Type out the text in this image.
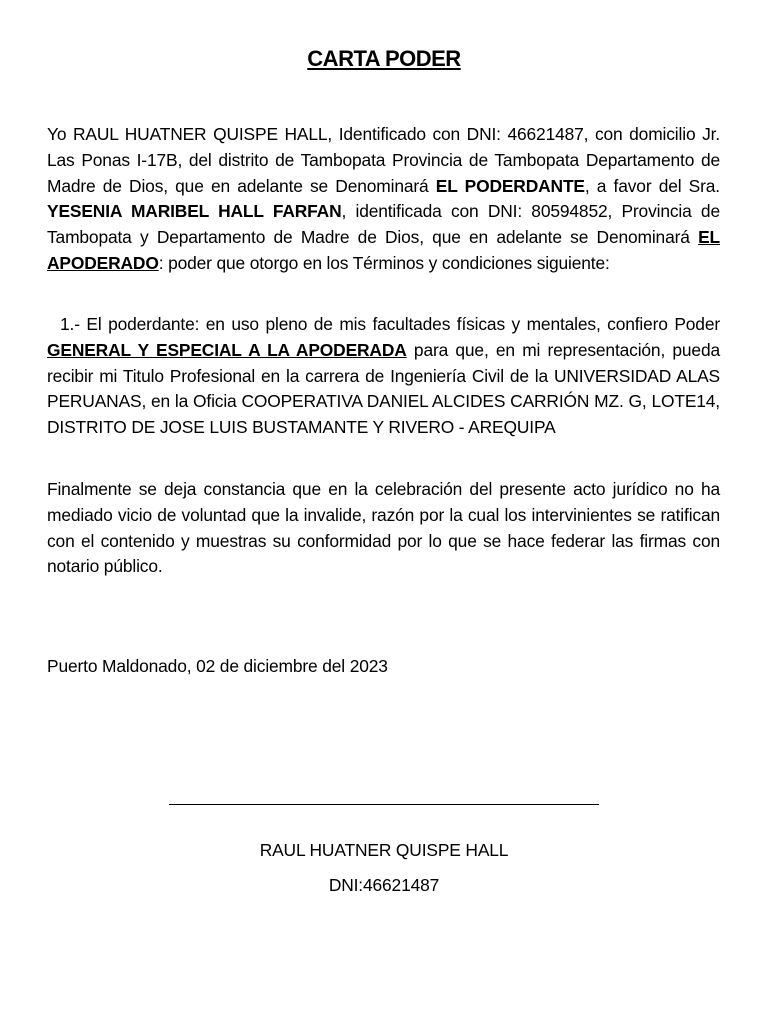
CARTA PODER
Yo RAUL HUATNER QUISPE HALL, Identificado con DNI: 46621487, con domicilio Jr. Las Ponas I-17B, del distrito de Tambopata Provincia de Tambopata Departamento de Madre de Dios, que en adelante se Denominará EL PODERDANTE, a favor del Sra. YESENIA MARIBEL HALL FARFAN, identificada con DNI: 80594852, Provincia de Tambopata y Departamento de Madre de Dios, que en adelante se Denominará EL APODERADO: poder que otorgo en los Términos y condiciones siguiente:
1.- El poderdante: en uso pleno de mis facultades físicas y mentales, confiero Poder GENERAL Y ESPECIAL A LA APODERADA para que, en mi representación, pueda recibir mi Titulo Profesional en la carrera de Ingeniería Civil de la UNIVERSIDAD ALAS PERUANAS, en la Oficia COOPERATIVA DANIEL ALCIDES CARRIÓN MZ. G, LOTE14, DISTRITO DE JOSE LUIS BUSTAMANTE Y RIVERO - AREQUIPA
Finalmente se deja constancia que en la celebración del presente acto jurídico no ha mediado vicio de voluntad que la invalide, razón por la cual los intervinientes se ratifican con el contenido y muestras su conformidad por lo que se hace federar las firmas con notario público.
Puerto Maldonado, 02 de diciembre del 2023
RAUL HUATNER QUISPE HALL
DNI:46621487
